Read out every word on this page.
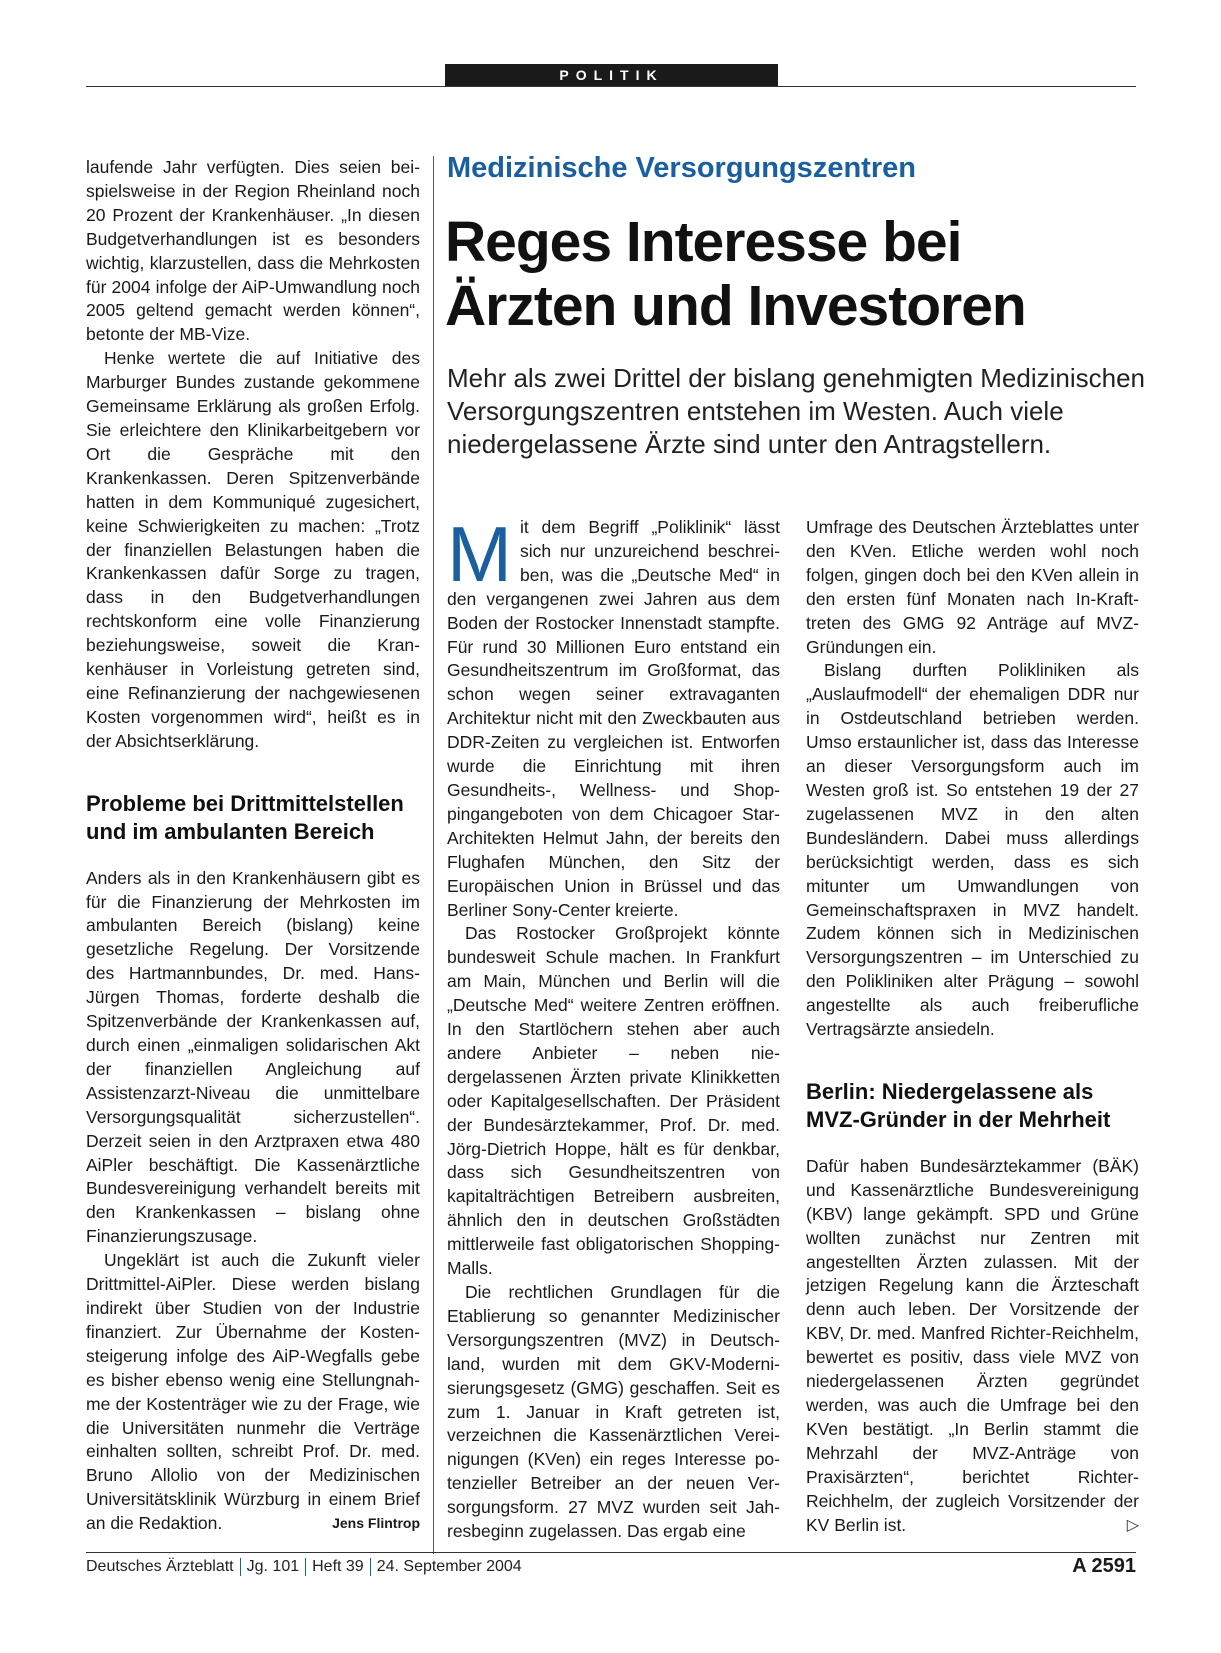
POLITIK

laufende Jahr verfügten. Dies seien beispielsweise in der Region Rheinland noch 20 Prozent der Krankenhäuser. „In diesen Budgetverhandlungen ist es besonders wichtig, klarzustellen, dass die Mehrkosten für 2004 infolge der AiP-Umwandlung noch 2005 geltend gemacht werden können“, betonte der MB-Vize.

Henke wertete die auf Initiative des Marburger Bundes zustande gekommene Gemeinsame Erklärung als großen Erfolg. Sie erleichtere den Klinikarbeitgebern vor Ort die Gespräche mit den Krankenkassen. Deren Spitzenverbände hatten in dem Kommuniqué zugesichert, keine Schwierigkeiten zu machen: „Trotz der finanziellen Belastungen haben die Krankenkassen dafür Sorge zu tragen, dass in den Budgetverhandlungen rechtskonform eine volle Finanzierung beziehungsweise, soweit die Krankenhäuser in Vorleistung getreten sind, eine Refinanzierung der nachgewiesenen Kosten vorgenommen wird“, heißt es in der Absichtserklärung.

Probleme bei Drittmittelstellen und im ambulanten Bereich

Anders als in den Krankenhäusern gibt es für die Finanzierung der Mehrkosten im ambulanten Bereich (bislang) keine gesetzliche Regelung. Der Vorsitzende des Hartmannbundes, Dr. med. Hans-Jürgen Thomas, forderte deshalb die Spitzenverbände der Krankenkassen auf, durch einen „einmaligen solidarischen Akt der finanziellen Angleichung auf Assistenzarzt-Niveau die unmittelbare Versorgungsqualität sicherzustellen“. Derzeit seien in den Arztpraxen etwa 480 AiPler beschäftigt. Die Kassenärztliche Bundesvereinigung verhandelt bereits mit den Krankenkassen – bislang ohne Finanzierungszusage.

Ungeklärt ist auch die Zukunft vieler Drittmittel-AiPler. Diese werden bislang indirekt über Studien von der Industrie finanziert. Zur Übernahme der Kostensteigerung infolge des AiP-Wegfalls gebe es bisher ebenso wenig eine Stellungnahme der Kostenträger wie zu der Frage, wie die Universitäten nunmehr die Verträge einhalten sollten, schreibt Prof. Dr. med. Bruno Allolio von der Medizinischen Universitätsklinik Würzburg in einem Brief an die Redaktion.	Jens Flintrop

Medizinische Versorgungszentren
Reges Interesse bei Ärzten und Investoren
Mehr als zwei Drittel der bislang genehmigten Medizinischen Versorgungszentren entstehen im Westen. Auch viele niedergelassene Ärzte sind unter den Antragstellern.

Mit dem Begriff „Poliklinik“ lässt sich nur unzureichend beschreiben, was die „Deutsche Med“ in den vergangenen zwei Jahren aus dem Boden der Rostocker Innenstadt stampfte. Für rund 30 Millionen Euro entstand ein Gesundheitszentrum im Großformat, das schon wegen seiner extravaganten Architektur nicht mit den Zweckbauten aus DDR-Zeiten zu vergleichen ist. Entworfen wurde die Einrichtung mit ihren Gesundheits-, Wellness- und Shoppingangeboten von dem Chicagoer Star-Architekten Helmut Jahn, der bereits den Flughafen München, den Sitz der Europäischen Union in Brüssel und das Berliner Sony-Center kreierte.

Das Rostocker Großprojekt könnte bundesweit Schule machen. In Frankfurt am Main, München und Berlin will die „Deutsche Med“ weitere Zentren eröffnen. In den Startlöchern stehen aber auch andere Anbieter – neben niedergelassenen Ärzten private Klinikketten oder Kapitalgesellschaften. Der Präsident der Bundesärztekammer, Prof. Dr. med. Jörg-Dietrich Hoppe, hält es für denkbar, dass sich Gesundheitszentren von kapitalträchtigen Betreibern ausbreiten, ähnlich den in deutschen Großstädten mittlerweile fast obligatorischen Shopping-Malls.

Die rechtlichen Grundlagen für die Etablierung so genannter Medizinischer Versorgungszentren (MVZ) in Deutschland, wurden mit dem GKV-Modernisierungsgesetz (GMG) geschaffen. Seit es zum 1. Januar in Kraft getreten ist, verzeichnen die Kassenärztlichen Vereinigungen (KVen) ein reges Interesse potenzieller Betreiber an der neuen Versorgungsform. 27 MVZ wurden seit Jahresbeginn zugelassen. Das ergab eine

Umfrage des Deutschen Ärzteblattes unter den KVen. Etliche werden wohl noch folgen, gingen doch bei den KVen allein in den ersten fünf Monaten nach In-Kraft-treten des GMG 92 Anträge auf MVZ-Gründungen ein.

Bislang durften Polikliniken als „Auslaufmodell“ der ehemaligen DDR nur in Ostdeutschland betrieben werden. Umso erstaunlicher ist, dass das Interesse an dieser Versorgungsform auch im Westen groß ist. So entstehen 19 der 27 zugelassenen MVZ in den alten Bundesländern. Dabei muss allerdings berücksichtigt werden, dass es sich mitunter um Umwandlungen von Gemeinschaftspraxen in MVZ handelt. Zudem können sich in Medizinischen Versorgungszentren – im Unterschied zu den Polikliniken alter Prägung – sowohl angestellte als auch freiberufliche Vertragsärzte ansiedeln.

Berlin: Niedergelassene als MVZ-Gründer in der Mehrheit

Dafür haben Bundesärztekammer (BÄK) und Kassenärztliche Bundesvereinigung (KBV) lange gekämpft. SPD und Grüne wollten zunächst nur Zentren mit angestellten Ärzten zulassen. Mit der jetzigen Regelung kann die Ärzteschaft denn auch leben. Der Vorsitzende der KBV, Dr. med. Manfred Richter-Reichhelm, bewertet es positiv, dass viele MVZ von niedergelassenen Ärzten gegründet werden, was auch die Umfrage bei den KVen bestätigt. „In Berlin stammt die Mehrzahl der MVZ-Anträge von Praxisärzten“, berichtet Richter-Reichhelm, der zugleich Vorsitzender der KV Berlin ist.	▷

Deutsches Ärzteblatt Jg. 101 Heft 39 24. September 2004	A 2591
